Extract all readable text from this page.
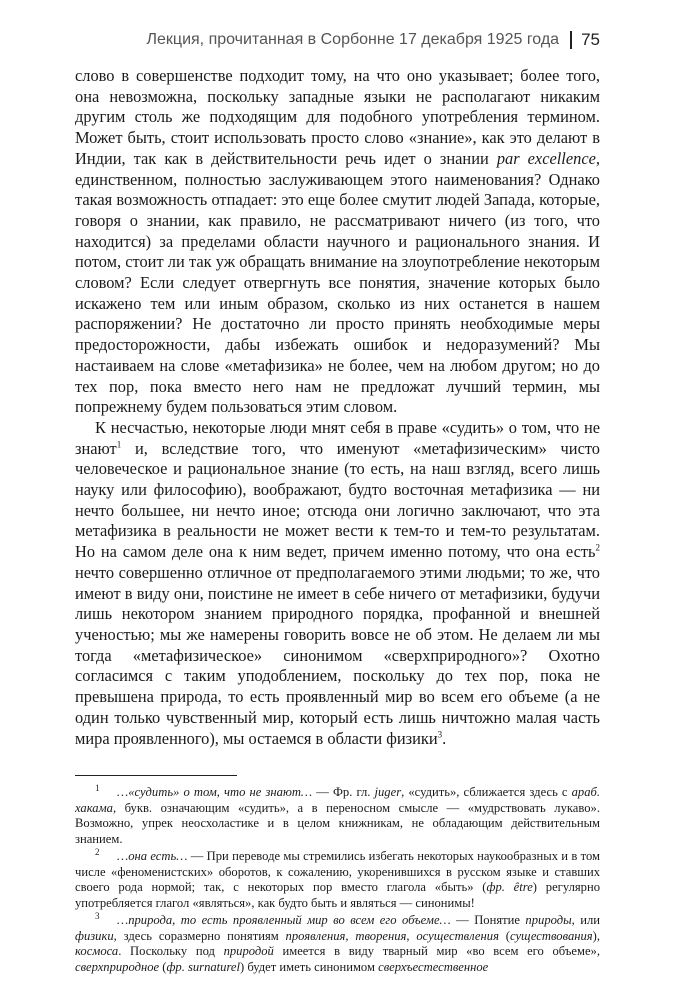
Лекция, прочитанная в Сорбонне 17 декабря 1925 года 75

слово в совершенстве подходит тому, на что оно указывает; более того, она невозможна, поскольку западные языки не располагают никаким другим столь же подходящим для подобного употребления термином. Может быть, стоит использовать просто слово «знание», как это делают в Индии, так как в действительности речь идет о знании par excellence, единственном, полностью заслуживающем этого наименования? Однако такая возможность отпадает: это еще более смутит людей Запада, которые, говоря о знании, как правило, не рассматривают ничего (из того, что находится) за пределами области научного и рационального знания. И потом, стоит ли так уж обращать внимание на злоупотребление некоторым словом? Если следует отвергнуть все понятия, значение которых было искажено тем или иным образом, сколько из них останется в нашем распоряжении? Не достаточно ли просто принять необходимые меры предосторожности, дабы избежать ошибок и недоразумений? Мы настаиваем на слове «метафизика» не более, чем на любом другом; но до тех пор, пока вместо него нам не предложат лучший термин, мы попрежнему будем пользоваться этим словом.

К несчастью, некоторые люди мнят себя в праве «судить» о том, что не знают$^1$ и, вследствие того, что именуют «метафизическим» чисто человеческое и рациональное знание (то есть, на наш взгляд, всего лишь науку или философию), воображают, будто восточная метафизика — ни нечто большее, ни нечто иное; отсюда они логично заключают, что эта метафизика в реальности не может вести к тем-то и тем-то результатам. Но на самом деле она к ним ведет, причем именно потому, что она есть$^2$ нечто совершенно отличное от предполагаемого этими людьми; то же, что имеют в виду они, поистине не имеет в себе ничего от метафизики, будучи лишь некотором знанием природного порядка, профанной и внешней ученостью; мы же намерены говорить вовсе не об этом. Не делаем ли мы тогда «метафизическое» синонимом «сверхприродного»? Охотно согласимся с таким уподоблением, поскольку до тех пор, пока не превышена природа, то есть проявленный мир во всем его объеме (а не один только чувственный мир, который есть лишь ничтожно малая часть мира проявленного), мы остаемся в области физики$^3$.

1 …«судить» о том, что не знают… — Фр. гл. juger, «судить», сближается здесь с араб. хакама, букв. означающим «судить», а в переносном смысле — «мудрствовать лукаво». Возможно, упрек неосхоластике и в целом книжникам, не обладающим действительным знанием.
2 …она есть… — При переводе мы стремились избегать некоторых наукообразных и в том числе «феноменистских» оборотов, к сожалению, укоренившихся в русском языке и ставших своего рода нормой; так, с некоторых пор вместо глагола «быть» (фр. être) регулярно употребляется глагол «являться», как будто быть и являться — синонимы!
3 …природа, то есть проявленный мир во всем его объеме… — Понятие природы, или физики, здесь соразмерно понятиям проявления, творения, осуществления (существования), космоса. Поскольку под природой имеется в виду тварный мир «во всем его объеме», сверхприродное (фр. surnaturel) будет иметь синонимом сверхъестественное
